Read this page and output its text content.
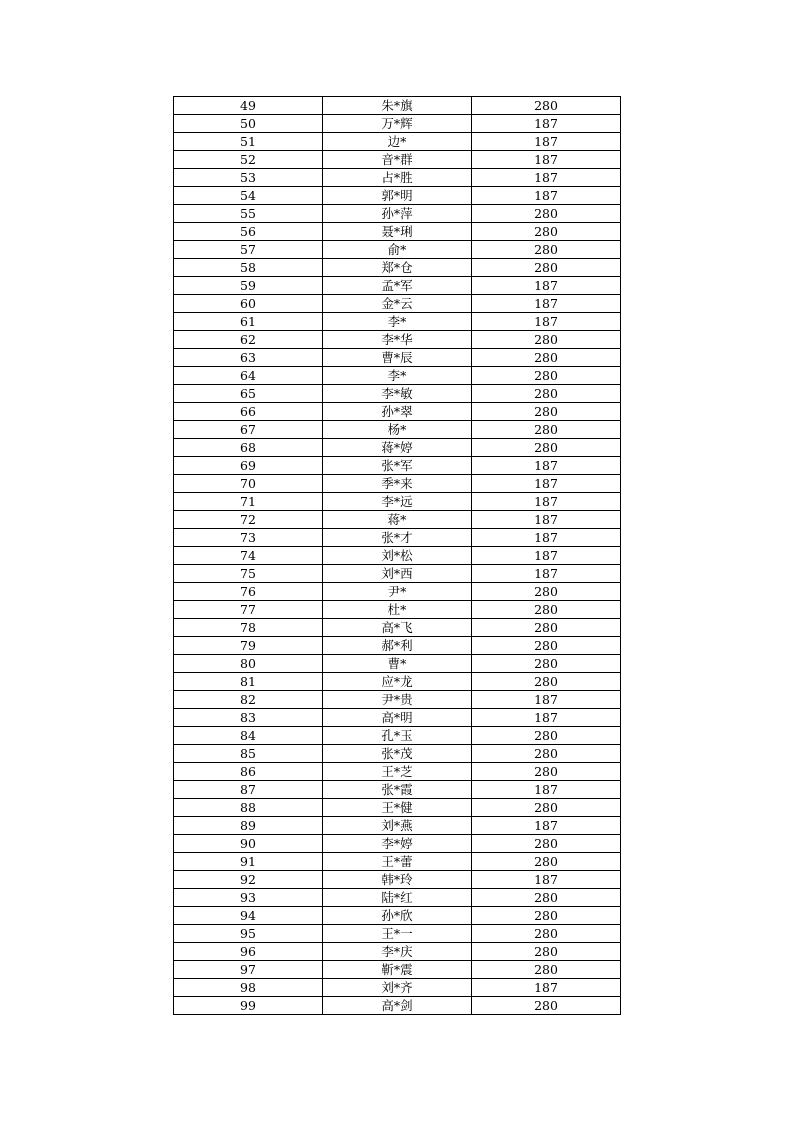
49	朱*旗	280
50	万*辉	187
51	边*	187
52	音*群	187
53	占*胜	187
54	郭*明	187
55	孙*萍	280
56	聂*琍	280
57	俞*	280
58	郑*仓	280
59	孟*军	187
60	金*云	187
61	李*	187
62	李*华	280
63	曹*辰	280
64	李*	280
65	李*敏	280
66	孙*翠	280
67	杨*	280
68	蒋*婷	280
69	张*军	187
70	季*来	187
71	李*远	187
72	蒋*	187
73	张*才	187
74	刘*松	187
75	刘*西	187
76	尹*	280
77	杜*	280
78	高*飞	280
79	郝*利	280
80	曹*	280
81	应*龙	280
82	尹*贵	187
83	高*明	187
84	孔*玉	280
85	张*茂	280
86	王*芝	280
87	张*霞	187
88	王*健	280
89	刘*燕	187
90	李*婷	280
91	王*蕾	280
92	韩*玲	187
93	陆*红	280
94	孙*欣	280
95	王*一	280
96	李*庆	280
97	靳*震	280
98	刘*齐	187
99	高*剑	280
